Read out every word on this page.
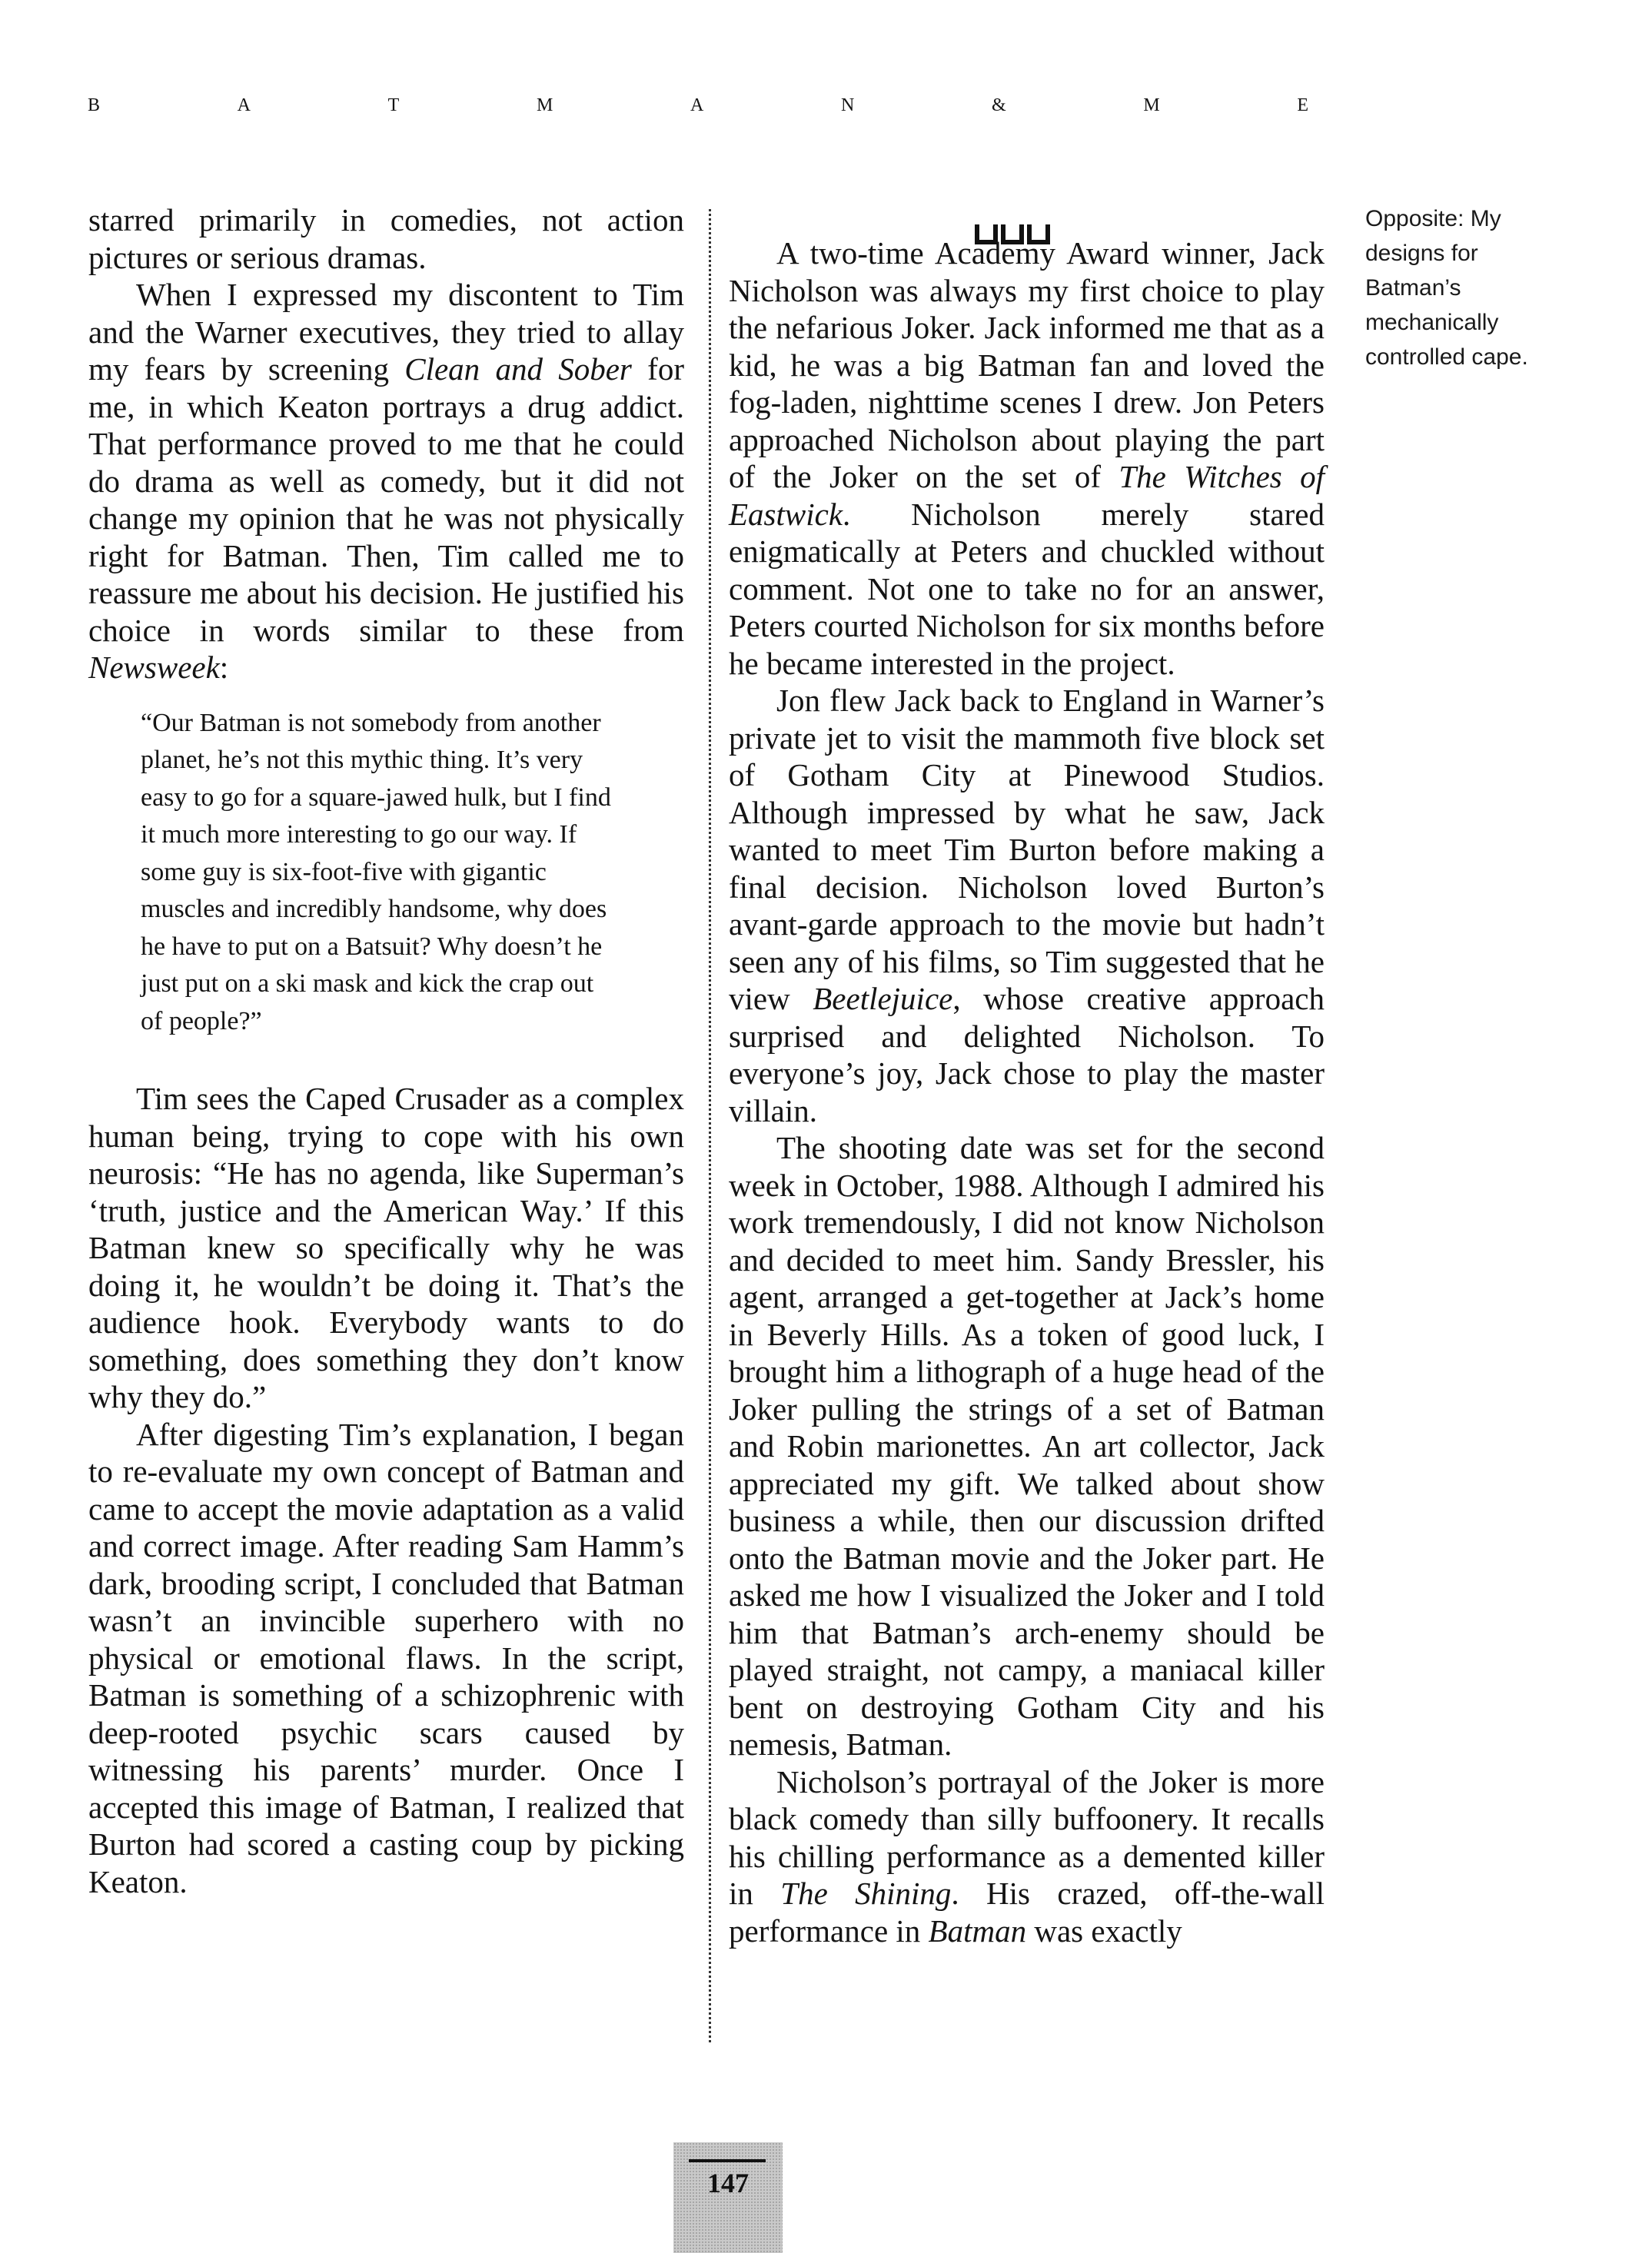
B	A	T	M	A	N	&	M	E

starred primarily in comedies, not action pictures or serious dramas.

When I expressed my discontent to Tim and the Warner executives, they tried to allay my fears by screening Clean and Sober for me, in which Keaton portrays a drug addict. That performance proved to me that he could do drama as well as comedy, but it did not change my opinion that he was not physically right for Batman. Then, Tim called me to reassure me about his decision. He justified his choice in words similar to these from Newsweek:

“Our Batman is not somebody from another planet, he’s not this mythic thing. It’s very easy to go for a square-jawed hulk, but I find it much more interesting to go our way. If some guy is six-foot-five with gigantic muscles and incredibly handsome, why does he have to put on a Batsuit? Why doesn’t he just put on a ski mask and kick the crap out of people?”

Tim sees the Caped Crusader as a complex human being, trying to cope with his own neurosis: “He has no agenda, like Superman’s ‘truth, justice and the American Way.’ If this Batman knew so specifically why he was doing it, he wouldn’t be doing it. That’s the audience hook. Everybody wants to do something, does something they don’t know why they do.”

After digesting Tim’s explanation, I began to re-evaluate my own concept of Batman and came to accept the movie adaptation as a valid and correct image. After reading Sam Hamm’s dark, brooding script, I concluded that Batman wasn’t an invincible superhero with no physical or emotional flaws. In the script, Batman is something of a schizophrenic with deep-rooted psychic scars caused by witnessing his parents’ murder. Once I accepted this image of Batman, I realized that Burton had scored a casting coup by picking Keaton.

A two-time Academy Award winner, Jack Nicholson was always my first choice to play the nefarious Joker. Jack informed me that as a kid, he was a big Batman fan and loved the fog-laden, nighttime scenes I drew. Jon Peters approached Nicholson about playing the part of the Joker on the set of The Witches of Eastwick. Nicholson merely stared enigmatically at Peters and chuckled without comment. Not one to take no for an answer, Peters courted Nicholson for six months before he became interested in the project.

Jon flew Jack back to England in Warner’s private jet to visit the mammoth five block set of Gotham City at Pinewood Studios. Although impressed by what he saw, Jack wanted to meet Tim Burton before making a final decision. Nicholson loved Burton’s avant-garde approach to the movie but hadn’t seen any of his films, so Tim suggested that he view Beetlejuice, whose creative approach surprised and delighted Nicholson. To everyone’s joy, Jack chose to play the master villain.

The shooting date was set for the second week in October, 1988. Although I admired his work tremendously, I did not know Nicholson and decided to meet him. Sandy Bressler, his agent, arranged a get-together at Jack’s home in Beverly Hills. As a token of good luck, I brought him a lithograph of a huge head of the Joker pulling the strings of a set of Batman and Robin marionettes. An art collector, Jack appreciated my gift. We talked about show business a while, then our discussion drifted onto the Batman movie and the Joker part. He asked me how I visualized the Joker and I told him that Batman’s arch-enemy should be played straight, not campy, a maniacal killer bent on destroying Gotham City and his nemesis, Batman.

Nicholson’s portrayal of the Joker is more black comedy than silly buffoonery. It recalls his chilling performance as a demented killer in The Shining. His crazed, off-the-wall performance in Batman was exactly

Opposite: My designs for Batman’s mechanically controlled cape.
147
